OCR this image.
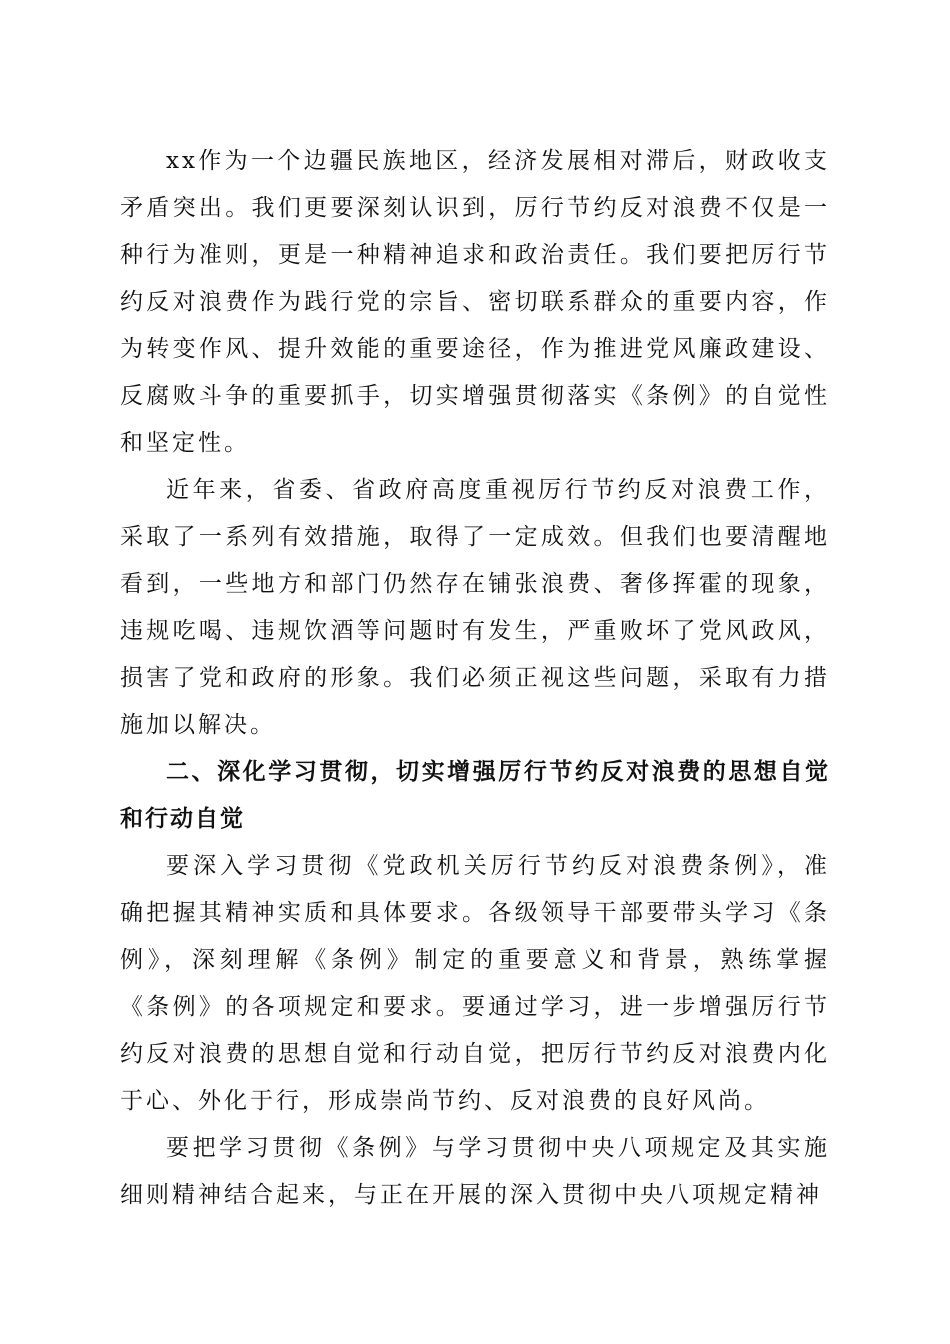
xx作为一个边疆民族地区，经济发展相对滞后，财政收支矛盾突出。我们更要深刻认识到，厉行节约反对浪费不仅是一种行为准则，更是一种精神追求和政治责任。我们要把厉行节约反对浪费作为践行党的宗旨、密切联系群众的重要内容，作为转变作风、提升效能的重要途径，作为推进党风廉政建设、反腐败斗争的重要抓手，切实增强贯彻落实《条例》的自觉性和坚定性。

近年来，省委、省政府高度重视厉行节约反对浪费工作，采取了一系列有效措施，取得了一定成效。但我们也要清醒地看到，一些地方和部门仍然存在铺张浪费、奢侈挥霍的现象，违规吃喝、违规饮酒等问题时有发生，严重败坏了党风政风，损害了党和政府的形象。我们必须正视这些问题，采取有力措施加以解决。

二、深化学习贯彻，切实增强厉行节约反对浪费的思想自觉和行动自觉

要深入学习贯彻《党政机关厉行节约反对浪费条例》，准确把握其精神实质和具体要求。各级领导干部要带头学习《条例》，深刻理解《条例》制定的重要意义和背景，熟练掌握《条例》的各项规定和要求。要通过学习，进一步增强厉行节约反对浪费的思想自觉和行动自觉，把厉行节约反对浪费内化于心、外化于行，形成崇尚节约、反对浪费的良好风尚。

要把学习贯彻《条例》与学习贯彻中央八项规定及其实施细则精神结合起来，与正在开展的深入贯彻中央八项规定精神
